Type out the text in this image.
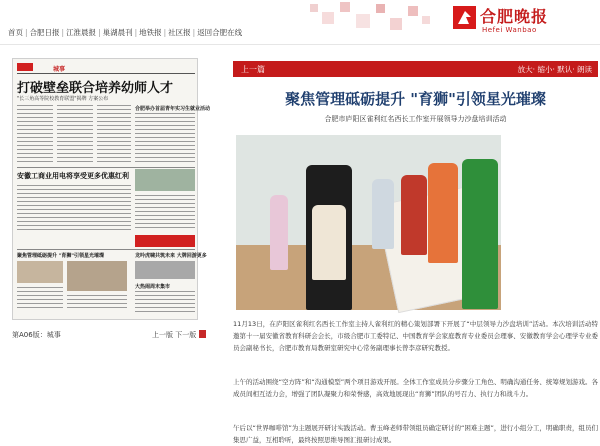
首页 | 合肥日报 | 江淮晨报 | 巢湖晨刊 | 地铁报 | 社区报 | 返回合肥在线
合肥晚报
Hefei Wanbao
城事
打破壁垒联合培养幼师人才
"长三角高等院校教育联盟"揭牌 方案公布
合肥举办首届青年实习生就业活动
安徽工商业用电将享受更多优惠红利
聚焦管理砥砺提升 "育狮"引领星光璀璨	龙吟虎啸共筑未来 大牌回游更多
大热闹周末集市
第A06版：城事	上一版 下一版
上一篇	放大· 缩小· 默认· 朗读
聚焦管理砥砺提升 "育狮"引领星光璀璨
合肥市庐阳区雀利红名西长工作室开展领导力沙盘培训活动

11月13日，在庐阳区雀利红名西长工作室主持人雀利红的精心策划部署下开展了“中层领导力沙盘培训”活动。本次培训活动特邀第十一届安徽省教育科研会会长，市级合肥市工委特记、中国教育学会家庭教育专业委员会理事、安徽教育学会心理学专业委员会副秘书长，合肥市教育局教研室研究中心常务副理事长曾李彦研究教授。

上午的活动围绕“空方阵”和“沟通模型”两个项目游戏开展。全体工作室成员分步骤分工角色、明确沟通任务、统筹规划游戏。各成员间相互适力会，增强了团队凝聚力和荣誉感，高效地展现出“育狮”团队的号召力、执行力和战斗力。

午后以“世界咖啡馆”为主题展开研讨实践活动。曹玉峰老师带领组员确定研讨的“困难主题”，进行小组分工，明确职责，组员们集思广益，互相聆听，最终按照思维导图汇报研讨成果。
